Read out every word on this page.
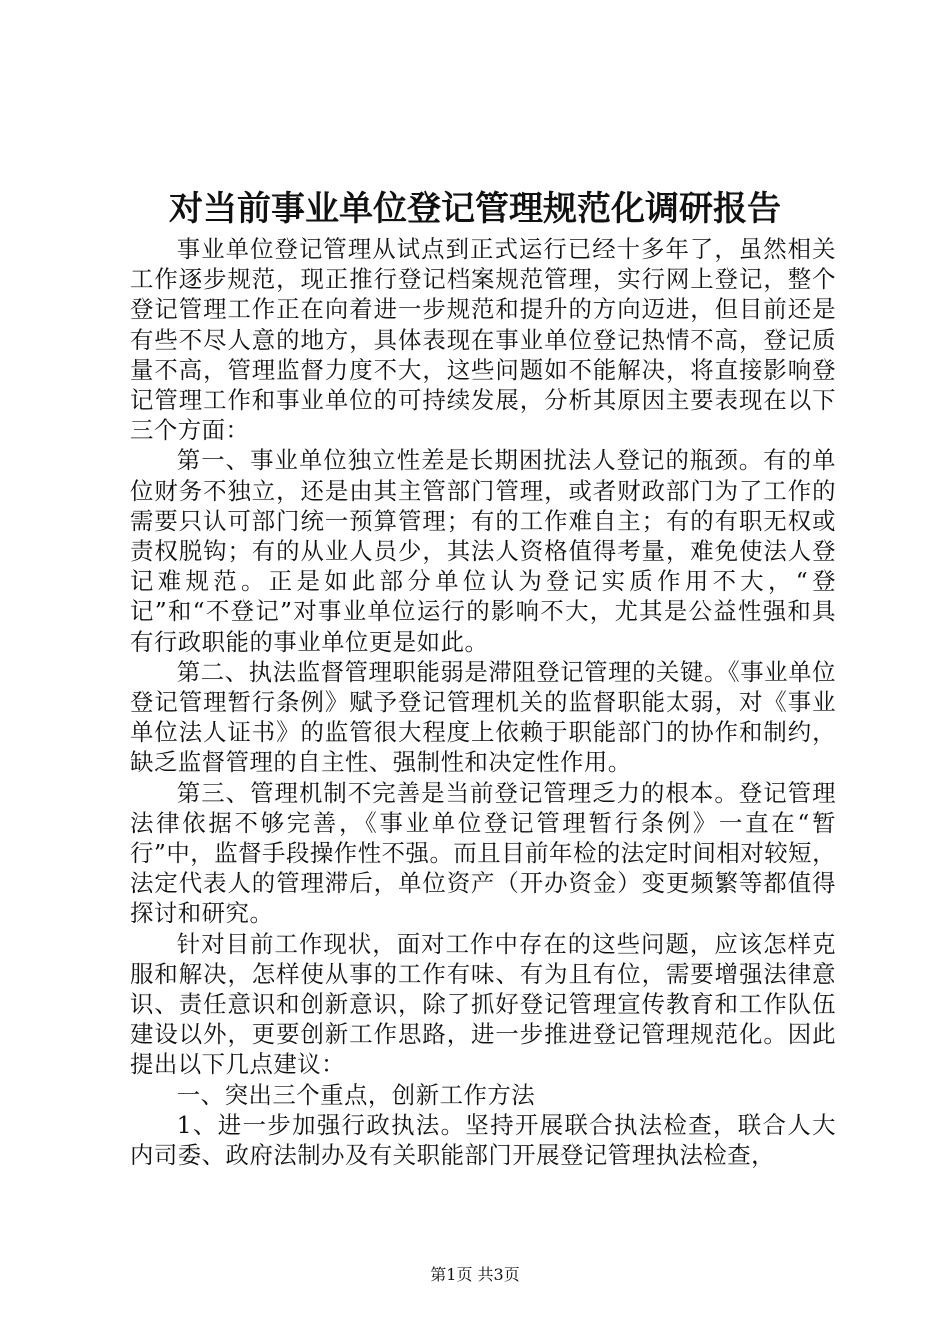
对当前事业单位登记管理规范化调研报告

事业单位登记管理从试点到正式运行已经十多年了，虽然相关工作逐步规范，现正推行登记档案规范管理，实行网上登记，整个登记管理工作正在向着进一步规范和提升的方向迈进，但目前还是有些不尽人意的地方，具体表现在事业单位登记热情不高，登记质量不高，管理监督力度不大，这些问题如不能解决，将直接影响登记管理工作和事业单位的可持续发展，分析其原因主要表现在以下三个方面：

第一、事业单位独立性差是长期困扰法人登记的瓶颈。有的单位财务不独立，还是由其主管部门管理，或者财政部门为了工作的需要只认可部门统一预算管理；有的工作难自主；有的有职无权或责权脱钩；有的从业人员少，其法人资格值得考量，难免使法人登记难规范。正是如此部分单位认为登记实质作用不大，“登记”和“不登记”对事业单位运行的影响不大，尤其是公益性强和具有行政职能的事业单位更是如此。

第二、执法监督管理职能弱是滞阻登记管理的关键。《事业单位登记管理暂行条例》赋予登记管理机关的监督职能太弱，对《事业单位法人证书》的监管很大程度上依赖于职能部门的协作和制约，缺乏监督管理的自主性、强制性和决定性作用。

第三、管理机制不完善是当前登记管理乏力的根本。登记管理法律依据不够完善，《事业单位登记管理暂行条例》一直在“暂行”中，监督手段操作性不强。而且目前年检的法定时间相对较短，法定代表人的管理滞后，单位资产（开办资金）变更频繁等都值得探讨和研究。

针对目前工作现状，面对工作中存在的这些问题，应该怎样克服和解决，怎样使从事的工作有味、有为且有位，需要增强法律意识、责任意识和创新意识，除了抓好登记管理宣传教育和工作队伍建设以外，更要创新工作思路，进一步推进登记管理规范化。因此提出以下几点建议：

一、突出三个重点，创新工作方法

1、进一步加强行政执法。坚持开展联合执法检查，联合人大内司委、政府法制办及有关职能部门开展登记管理执法检查，

第1页 共3页
